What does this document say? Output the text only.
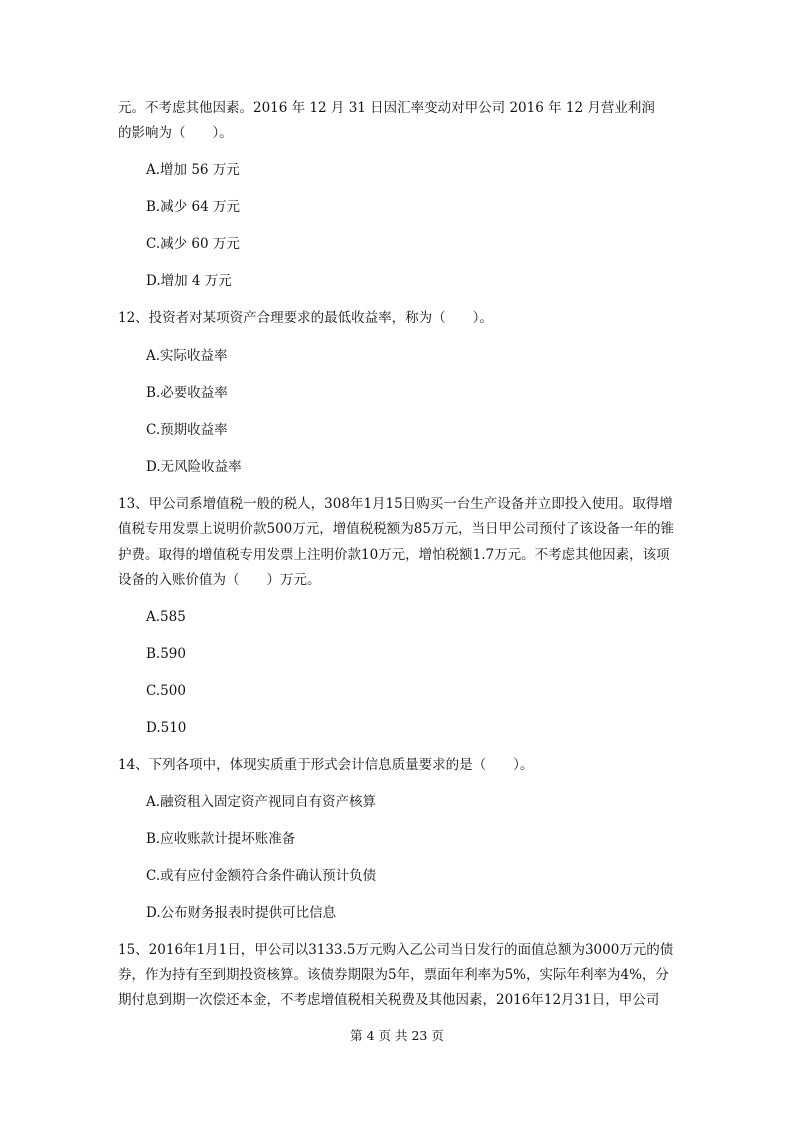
元。不考虑其他因素。2016 年 12 月 31 日因汇率变动对甲公司 2016 年 12 月营业利润
的影响为（　　）。
A.增加 56 万元
B.减少 64 万元
C.减少 60 万元
D.增加 4 万元
12、投资者对某项资产合理要求的最低收益率，称为（　　）。
A.实际收益率
B.必要收益率
C.预期收益率
D.无风险收益率
13、甲公司系增值税一般的税人，308年1月15日购买一台生产设备并立即投入使用。取得增
值税专用发票上说明价款500万元，增值税税额为85万元，当日甲公司预付了该设备一年的锥
护费。取得的增值税专用发票上注明价款10万元，增怕税额1.7万元。不考虑其他因素，该项
设备的入账价值为（　　）万元。
A.585
B.590
C.500
D.510
14、下列各项中，体现实质重于形式会计信息质量要求的是（　　）。
A.融资租入固定资产视同自有资产核算
B.应收账款计提坏账准备
C.或有应付金额符合条件确认预计负债
D.公布财务报表时提供可比信息
15、2016年1月1日，甲公司以3133.5万元购入乙公司当日发行的面值总额为3000万元的债
券，作为持有至到期投资核算。该债券期限为5年，票面年利率为5%，实际年利率为4%，分
期付息到期一次偿还本金，不考虑增值税相关税费及其他因素，2016年12月31日，甲公司
第 4 页 共 23 页
